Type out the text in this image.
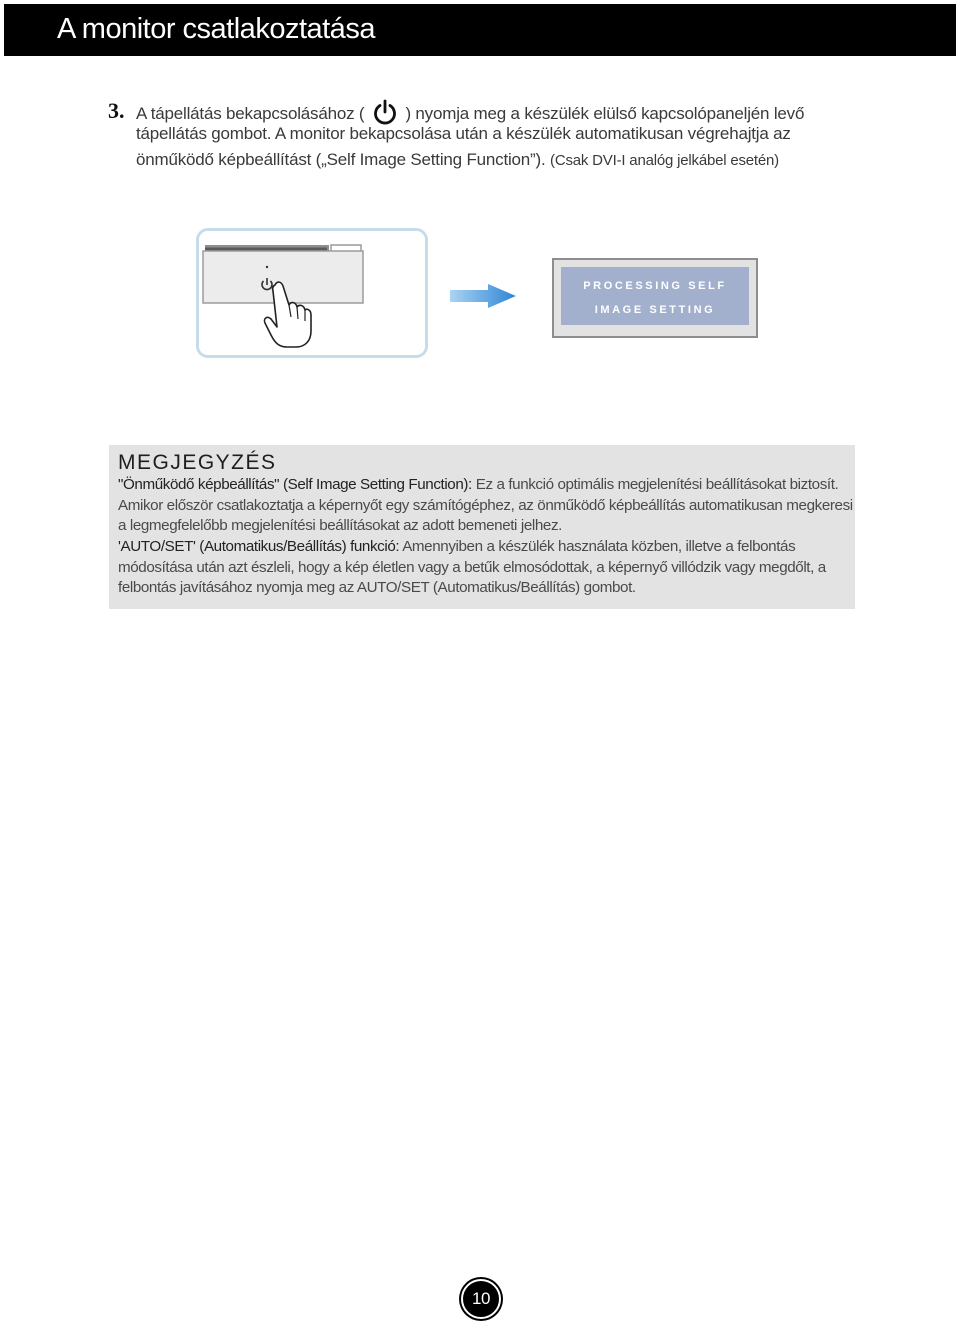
A monitor csatlakoztatása
3. A tápellátás bekapcsolásához ( ) nyomja meg a készülék elülső kapcsolópaneljén levő
tápellátás gombot. A monitor bekapcsolása után a készülék automatikusan végrehajtja az
önműködő képbeállítást („Self Image Setting Function”). (Csak DVI-I analóg jelkábel esetén)
PROCESSING SELF
IMAGE SETTING
MEGJEGYZÉS
"Önműködő képbeállítás" (Self Image Setting Function): Ez a funkció optimális megjelenítési beállításokat biztosít.
Amikor először csatlakoztatja a képernyőt egy számítógéphez, az önműködő képbeállítás automatikusan megkeresi
a legmegfelelőbb megjelenítési beállításokat az adott bemeneti jelhez.
'AUTO/SET' (Automatikus/Beállítás) funkció: Amennyiben a készülék használata közben, illetve a felbontás
módosítása után azt észleli, hogy a kép életlen vagy a betűk elmosódottak, a képernyő villódzik vagy megdőlt, a
felbontás javításához nyomja meg az AUTO/SET (Automatikus/Beállítás) gombot.
10
